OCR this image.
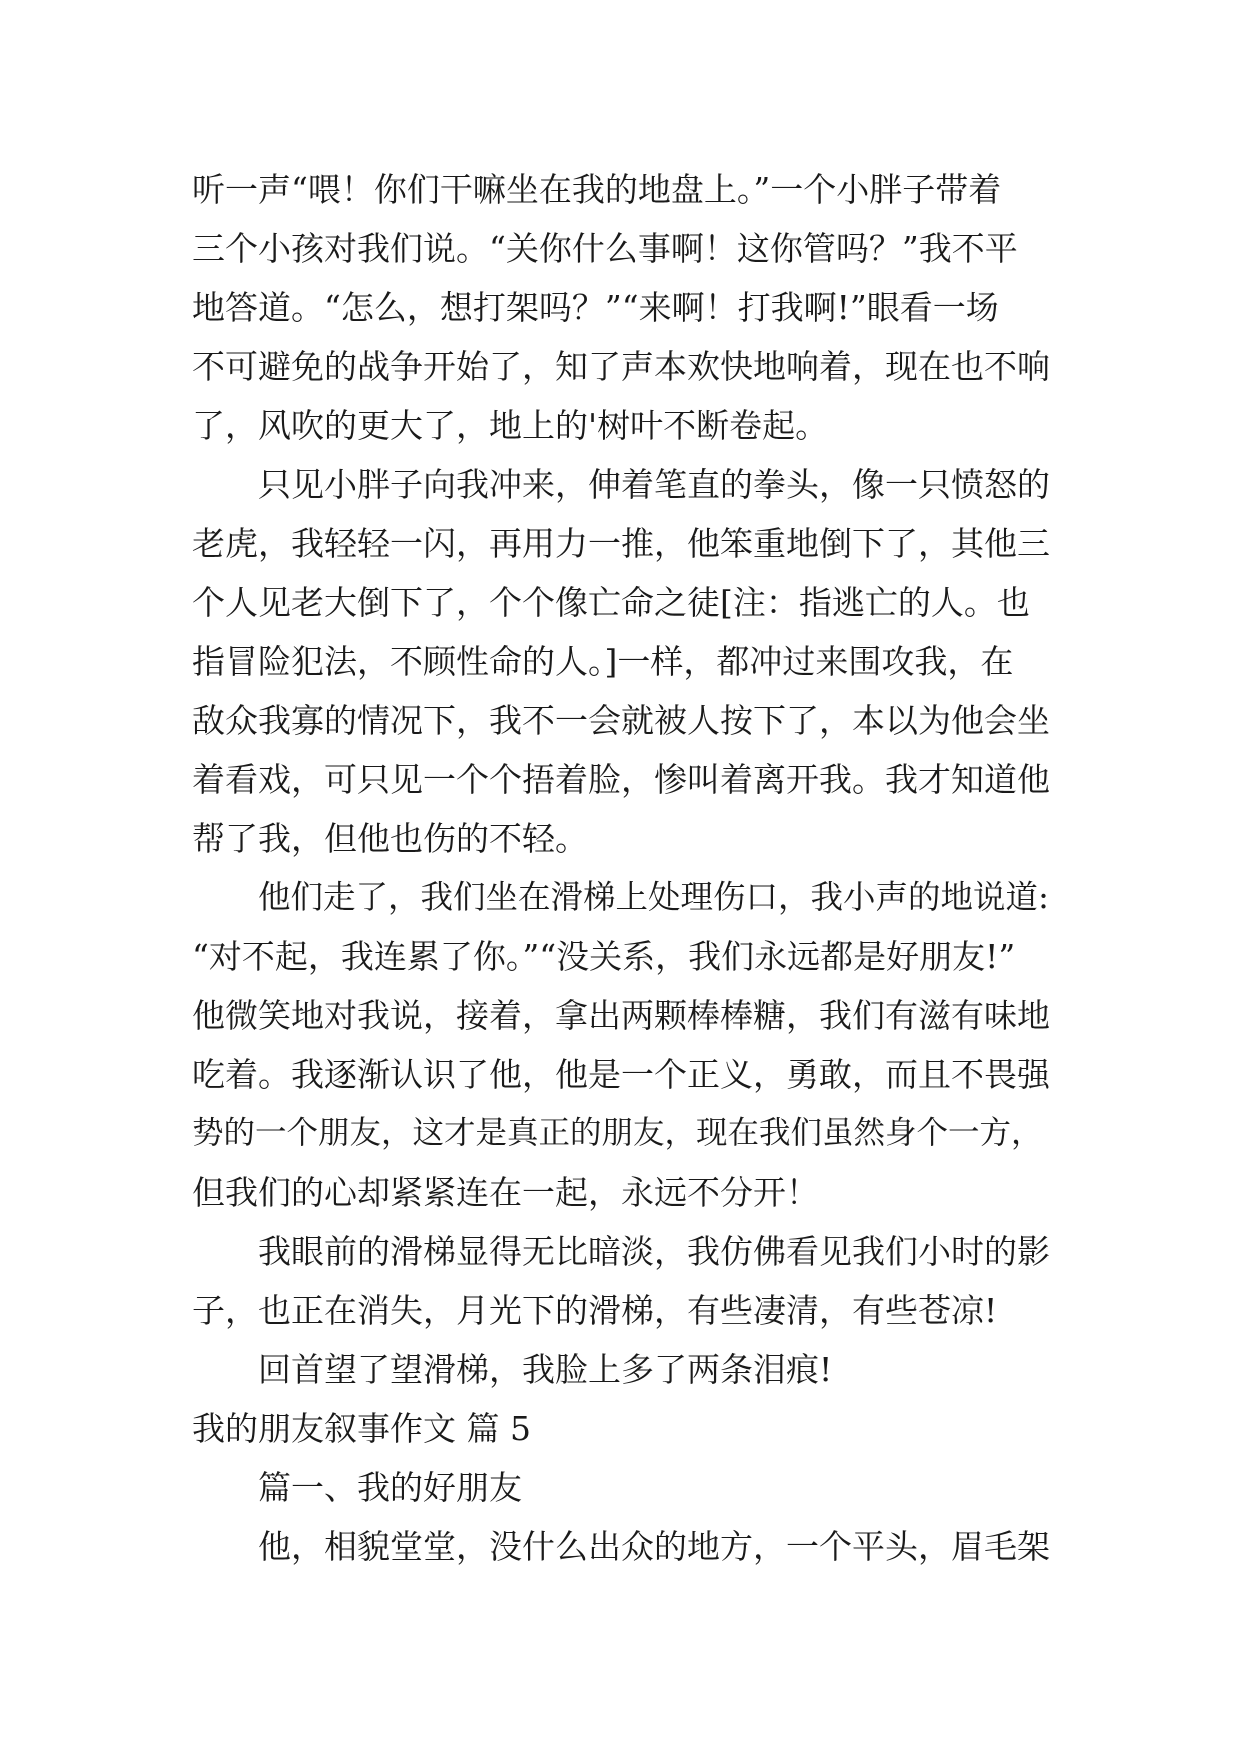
听一声“喂！你们干嘛坐在我的地盘上。”一个小胖子带着
三个小孩对我们说。“关你什么事啊！这你管吗？”我不平
地答道。“怎么，想打架吗？”“来啊！打我啊!”眼看一场
不可避免的战争开始了，知了声本欢快地响着，现在也不响
了，风吹的更大了，地上的'树叶不断卷起。
只见小胖子向我冲来，伸着笔直的拳头，像一只愤怒的
老虎，我轻轻一闪，再用力一推，他笨重地倒下了，其他三
个人见老大倒下了，个个像亡命之徒[注：指逃亡的人。也
指冒险犯法，不顾性命的人。]一样，都冲过来围攻我，在
敌众我寡的情况下，我不一会就被人按下了，本以为他会坐
着看戏，可只见一个个捂着脸，惨叫着离开我。我才知道他
帮了我，但他也伤的不轻。
他们走了，我们坐在滑梯上处理伤口，我小声的地说道:
“对不起，我连累了你。”“没关系，我们永远都是好朋友!”
他微笑地对我说，接着，拿出两颗棒棒糖，我们有滋有味地
吃着。我逐渐认识了他，他是一个正义，勇敢，而且不畏强
势的一个朋友，这才是真正的朋友，现在我们虽然身个一方，
但我们的心却紧紧连在一起，永远不分开！
我眼前的滑梯显得无比暗淡，我仿佛看见我们小时的影
子，也正在消失，月光下的滑梯，有些凄清，有些苍凉!
回首望了望滑梯，我脸上多了两条泪痕!
我的朋友叙事作文 篇 5
篇一、我的好朋友
他，相貌堂堂，没什么出众的地方，一个平头，眉毛架
